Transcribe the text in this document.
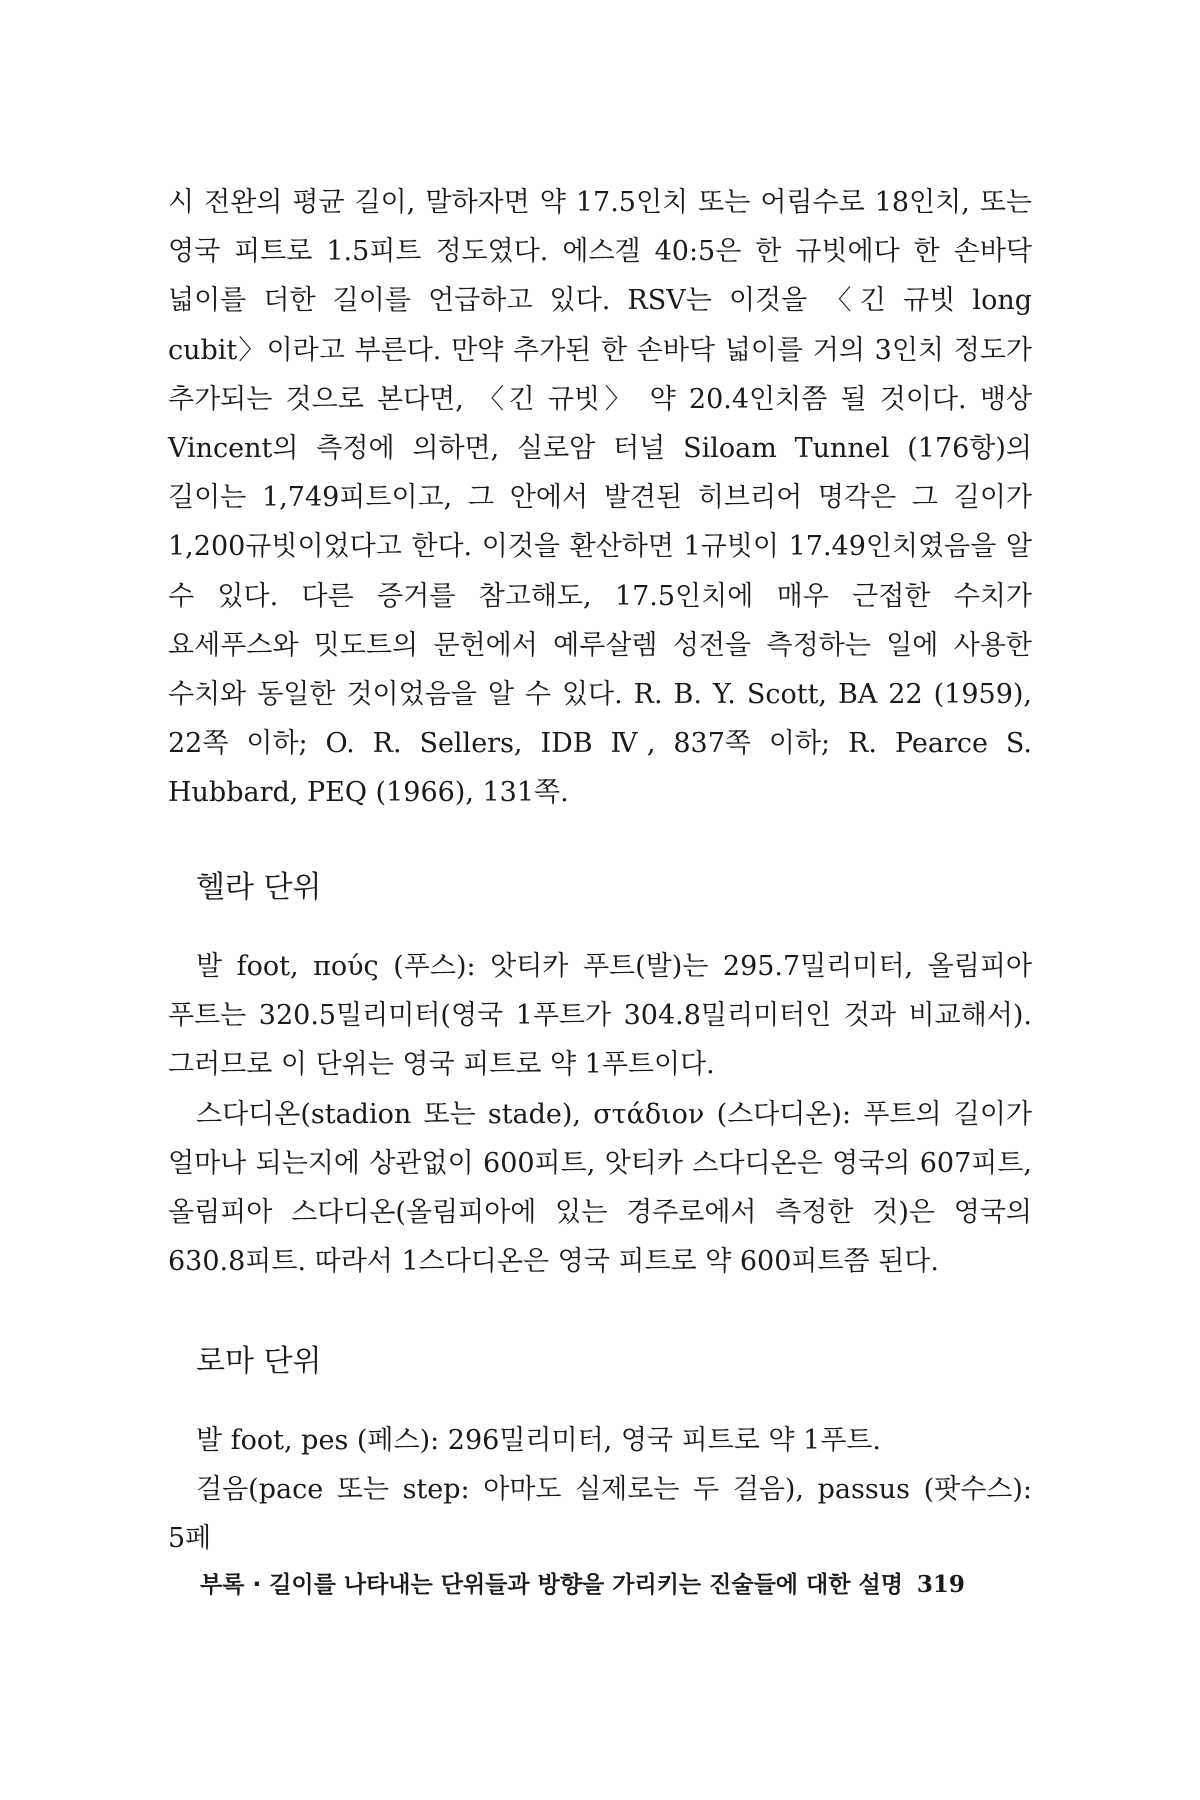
시 전완의 평균 길이, 말하자면 약 17.5인치 또는 어림수로 18인치, 또는 영국 피트로 1.5피트 정도였다. 에스겔 40:5은 한 규빗에다 한 손바닥 넓이를 더한 길이를 언급하고 있다. RSV는 이것을 〈긴 규빗 long cubit〉이라고 부른다. 만약 추가된 한 손바닥 넓이를 거의 3인치 정도가 추가되는 것으로 본다면, 〈긴 규빗〉 약 20.4인치쯤 될 것이다. 뱅상 Vincent의 측정에 의하면, 실로암 터널 Siloam Tunnel (176항)의 길이는 1,749피트이고, 그 안에서 발견된 히브리어 명각은 그 길이가 1,200규빗이었다고 한다. 이것을 환산하면 1규빗이 17.49인치였음을 알 수 있다. 다른 증거를 참고해도, 17.5인치에 매우 근접한 수치가 요세푸스와 밋도트의 문헌에서 예루살렘 성전을 측정하는 일에 사용한 수치와 동일한 것이었음을 알 수 있다. R. B. Y. Scott, BA 22 (1959), 22쪽 이하; O. R. Sellers, IDB Ⅳ, 837쪽 이하; R. Pearce S. Hubbard, PEQ (1966), 131쪽.

헬라 단위

발 foot, πούς (푸스): 앗티카 푸트(발)는 295.7밀리미터, 올림피아 푸트는 320.5밀리미터(영국 1푸트가 304.8밀리미터인 것과 비교해서). 그러므로 이 단위는 영국 피트로 약 1푸트이다.

스다디온(stadion 또는 stade), στάδιον (스다디온): 푸트의 길이가 얼마나 되는지에 상관없이 600피트, 앗티카 스다디온은 영국의 607피트, 올림피아 스다디온(올림피아에 있는 경주로에서 측정한 것)은 영국의 630.8피트. 따라서 1스다디온은 영국 피트로 약 600피트쯤 된다.

로마 단위

발 foot, pes (페스): 296밀리미터, 영국 피트로 약 1푸트.

걸음(pace 또는 step: 아마도 실제로는 두 걸음), passus (팟수스): 5페

부록 · 길이를 나타내는 단위들과 방향을 가리키는 진술들에 대한 설명 319
